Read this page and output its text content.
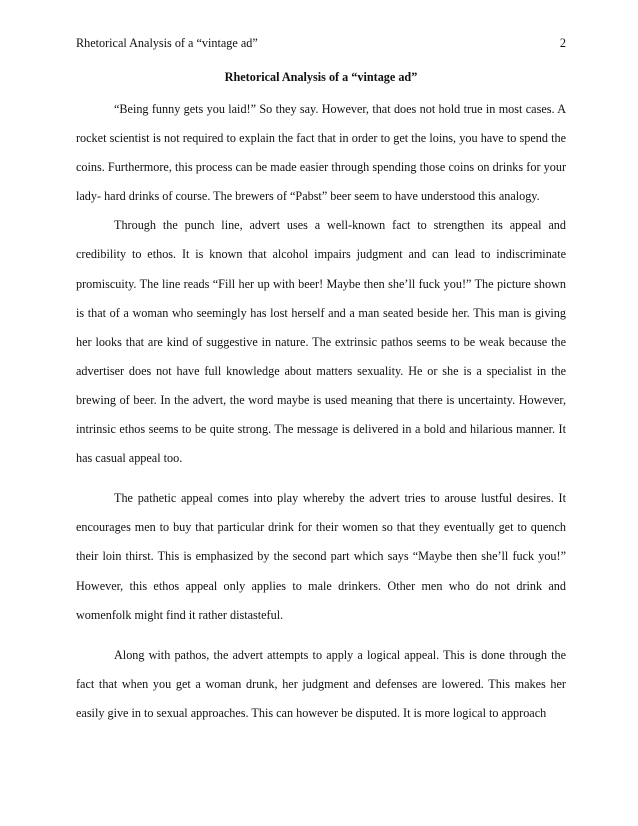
Rhetorical Analysis of a “vintage ad”	2
Rhetorical Analysis of a “vintage ad”

“Being funny gets you laid!” So they say. However, that does not hold true in most cases. A rocket scientist is not required to explain the fact that in order to get the loins, you have to spend the coins. Furthermore, this process can be made easier through spending those coins on drinks for your lady- hard drinks of course. The brewers of “Pabst” beer seem to have understood this analogy.

Through the punch line, advert uses a well-known fact to strengthen its appeal and credibility to ethos. It is known that alcohol impairs judgment and can lead to indiscriminate promiscuity. The line reads “Fill her up with beer! Maybe then she’ll fuck you!” The picture shown is that of a woman who seemingly has lost herself and a man seated beside her. This man is giving her looks that are kind of suggestive in nature. The extrinsic pathos seems to be weak because the advertiser does not have full knowledge about matters sexuality. He or she is a specialist in the brewing of beer. In the advert, the word maybe is used meaning that there is uncertainty. However, intrinsic ethos seems to be quite strong. The message is delivered in a bold and hilarious manner. It has casual appeal too.

The pathetic appeal comes into play whereby the advert tries to arouse lustful desires. It encourages men to buy that particular drink for their women so that they eventually get to quench their loin thirst. This is emphasized by the second part which says “Maybe then she’ll fuck you!” However, this ethos appeal only applies to male drinkers. Other men who do not drink and womenfolk might find it rather distasteful.

Along with pathos, the advert attempts to apply a logical appeal. This is done through the fact that when you get a woman drunk, her judgment and defenses are lowered. This makes her easily give in to sexual approaches. This can however be disputed. It is more logical to approach
